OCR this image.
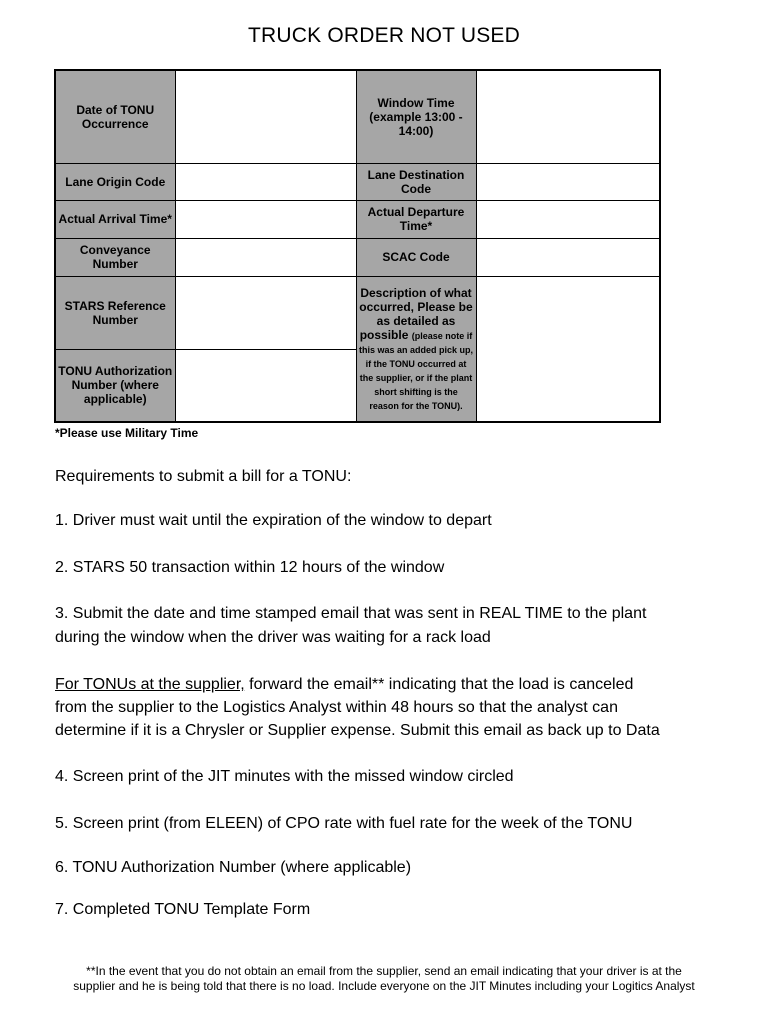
TRUCK ORDER NOT USED
Date of TONU Occurrence		Window Time (example 13:00 - 14:00)	
Lane Origin Code		Lane Destination Code	
Actual Arrival Time*		Actual Departure Time*	
Conveyance Number		SCAC Code	
STARS Reference Number		Description of what occurred, Please be as detailed as possible (please note if this was an added pick up, if the TONU occurred at the supplier, or if the plant short shifting is the reason for the TONU).	
TONU Authorization Number (where applicable)			
*Please use Military Time
Requirements to submit a bill for a TONU:
1. Driver must wait until the expiration of the window to depart
2. STARS 50 transaction within 12 hours of the window
3. Submit the date and time stamped email that was sent in REAL TIME to the plant
during the window when the driver was waiting for a rack load
For TONUs at the supplier, forward the email** indicating that the load is canceled
from the supplier to the Logistics Analyst within 48 hours so that the analyst can
determine if it is a Chrysler or Supplier expense. Submit this email as back up to Data
4. Screen print of the JIT minutes with the missed window circled
5. Screen print (from ELEEN) of CPO rate with fuel rate for the week of the TONU
6. TONU Authorization Number (where applicable)
7. Completed TONU Template Form
**In the event that you do not obtain an email from the supplier, send an email indicating that your driver is at the
supplier and he is being told that there is no load. Include everyone on the JIT Minutes including your Logitics Analyst
